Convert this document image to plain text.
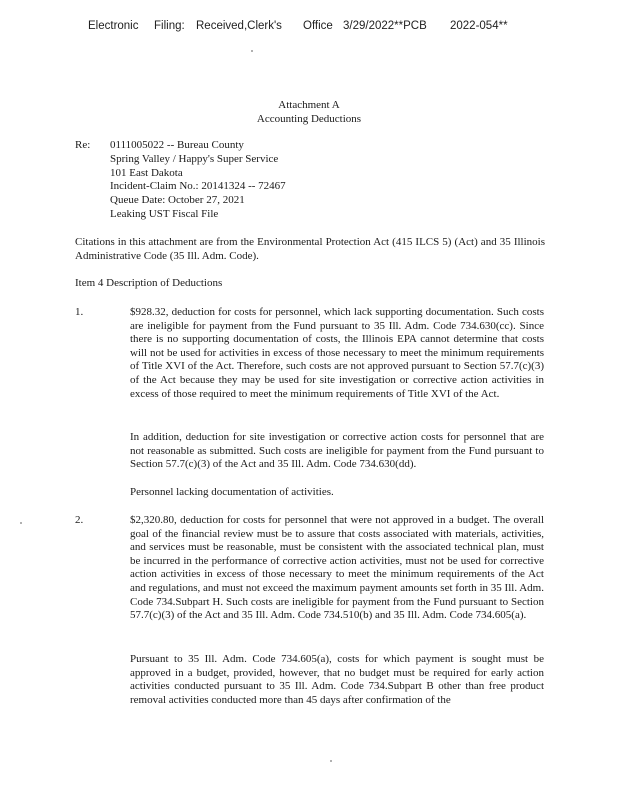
Electronic

Filing:

Received,Clerk's

Office

3/29/2022**PCB

2022-054**

Attachment A
Accounting Deductions
Re: 0111005022 -- Bureau County
Spring Valley / Happy's Super Service
101 East Dakota
Incident-Claim No.: 20141324 -- 72467
Queue Date: October 27, 2021
Leaking UST Fiscal File
Citations in this attachment are from the Environmental Protection Act (415 ILCS 5) (Act) and 35 Illinois Administrative Code (35 Ill. Adm. Code).
Item 4 Description of Deductions
1.	$928.32, deduction for costs for personnel, which lack supporting documentation. Such costs are ineligible for payment from the Fund pursuant to 35 Ill. Adm. Code 734.630(cc). Since there is no supporting documentation of costs, the Illinois EPA cannot determine that costs will not be used for activities in excess of those necessary to meet the minimum requirements of Title XVI of the Act. Therefore, such costs are not approved pursuant to Section 57.7(c)(3) of the Act because they may be used for site investigation or corrective action activities in excess of those required to meet the minimum requirements of Title XVI of the Act.
In addition, deduction for site investigation or corrective action costs for personnel that are not reasonable as submitted. Such costs are ineligible for payment from the Fund pursuant to Section 57.7(c)(3) of the Act and 35 Ill. Adm. Code 734.630(dd).
Personnel lacking documentation of activities.
2.	$2,320.80, deduction for costs for personnel that were not approved in a budget. The overall goal of the financial review must be to assure that costs associated with materials, activities, and services must be reasonable, must be consistent with the associated technical plan, must be incurred in the performance of corrective action activities, must not be used for corrective action activities in excess of those necessary to meet the minimum requirements of the Act and regulations, and must not exceed the maximum payment amounts set forth in 35 Ill. Adm. Code 734.Subpart H. Such costs are ineligible for payment from the Fund pursuant to Section 57.7(c)(3) of the Act and 35 Ill. Adm. Code 734.510(b) and 35 Ill. Adm. Code 734.605(a).
Pursuant to 35 Ill. Adm. Code 734.605(a), costs for which payment is sought must be approved in a budget, provided, however, that no budget must be required for early action activities conducted pursuant to 35 Ill. Adm. Code 734.Subpart B other than free product removal activities conducted more than 45 days after confirmation of the
